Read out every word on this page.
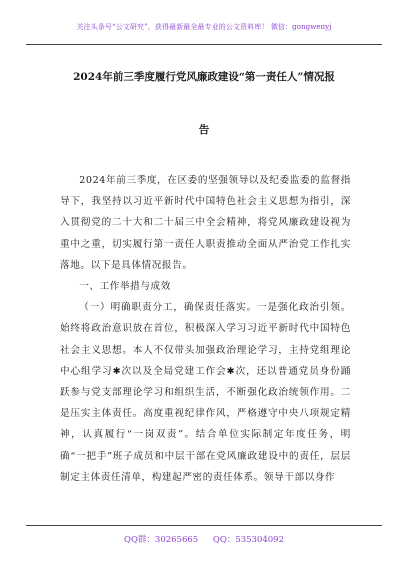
关注头条号“公文研究”，获得最新最全最专业的公文资料库！ 微信：gongwenyj
2024年前三季度履行党风廉政建设“第一责任人”情况报
告

2024年前三季度，在区委的坚强领导以及纪委监委的监督指导下，我坚持以习近平新时代中国特色社会主义思想为指引，深入贯彻党的二十大和二十届三中全会精神，将党风廉政建设视为重中之重，切实履行第一责任人职责推动全面从严治党工作扎实落地。以下是具体情况报告。

一、工作举措与成效

（一）明确职责分工，确保责任落实。一是强化政治引领。始终将政治意识放在首位，积极深入学习习近平新时代中国特色社会主义思想。本人不仅带头加强政治理论学习，主持党组理论中心组学习✱次以及全局党建工作会✱次，还以普通党员身份踊跃参与党支部理论学习和组织生活，不断强化政治统领作用。二是压实主体责任。高度重视纪律作风，严格遵守中央八项规定精神，认真履行“一岗双责”。结合单位实际制定年度任务，明确“一把手”班子成员和中层干部在党风廉政建设中的责任，层层制定主体责任清单，构建起严密的责任体系。领导干部以身作

QQ群：30265665 QQ：535304092
